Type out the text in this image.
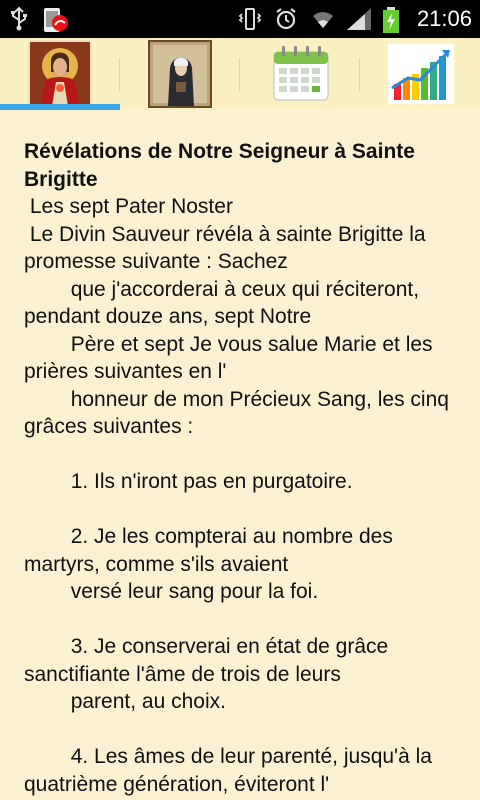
21:06
Révélations de Notre Seigneur à Sainte Brigitte
Les sept Pater Noster
Le Divin Sauveur révéla à sainte Brigitte la promesse suivante : Sachez
que j'accorderai à ceux qui réciteront, pendant douze ans, sept Notre
Père et sept Je vous salue Marie et les prières suivantes en l'
honneur de mon Précieux Sang, les cinq grâces suivantes :
1. Ils n'iront pas en purgatoire.
2. Je les compterai au nombre des martyrs, comme s'ils avaient
versé leur sang pour la foi.
3. Je conserverai en état de grâce sanctifiante l'âme de trois de leurs
parent, au choix.
4. Les âmes de leur parenté, jusqu'à la quatrième génération, éviteront l'
